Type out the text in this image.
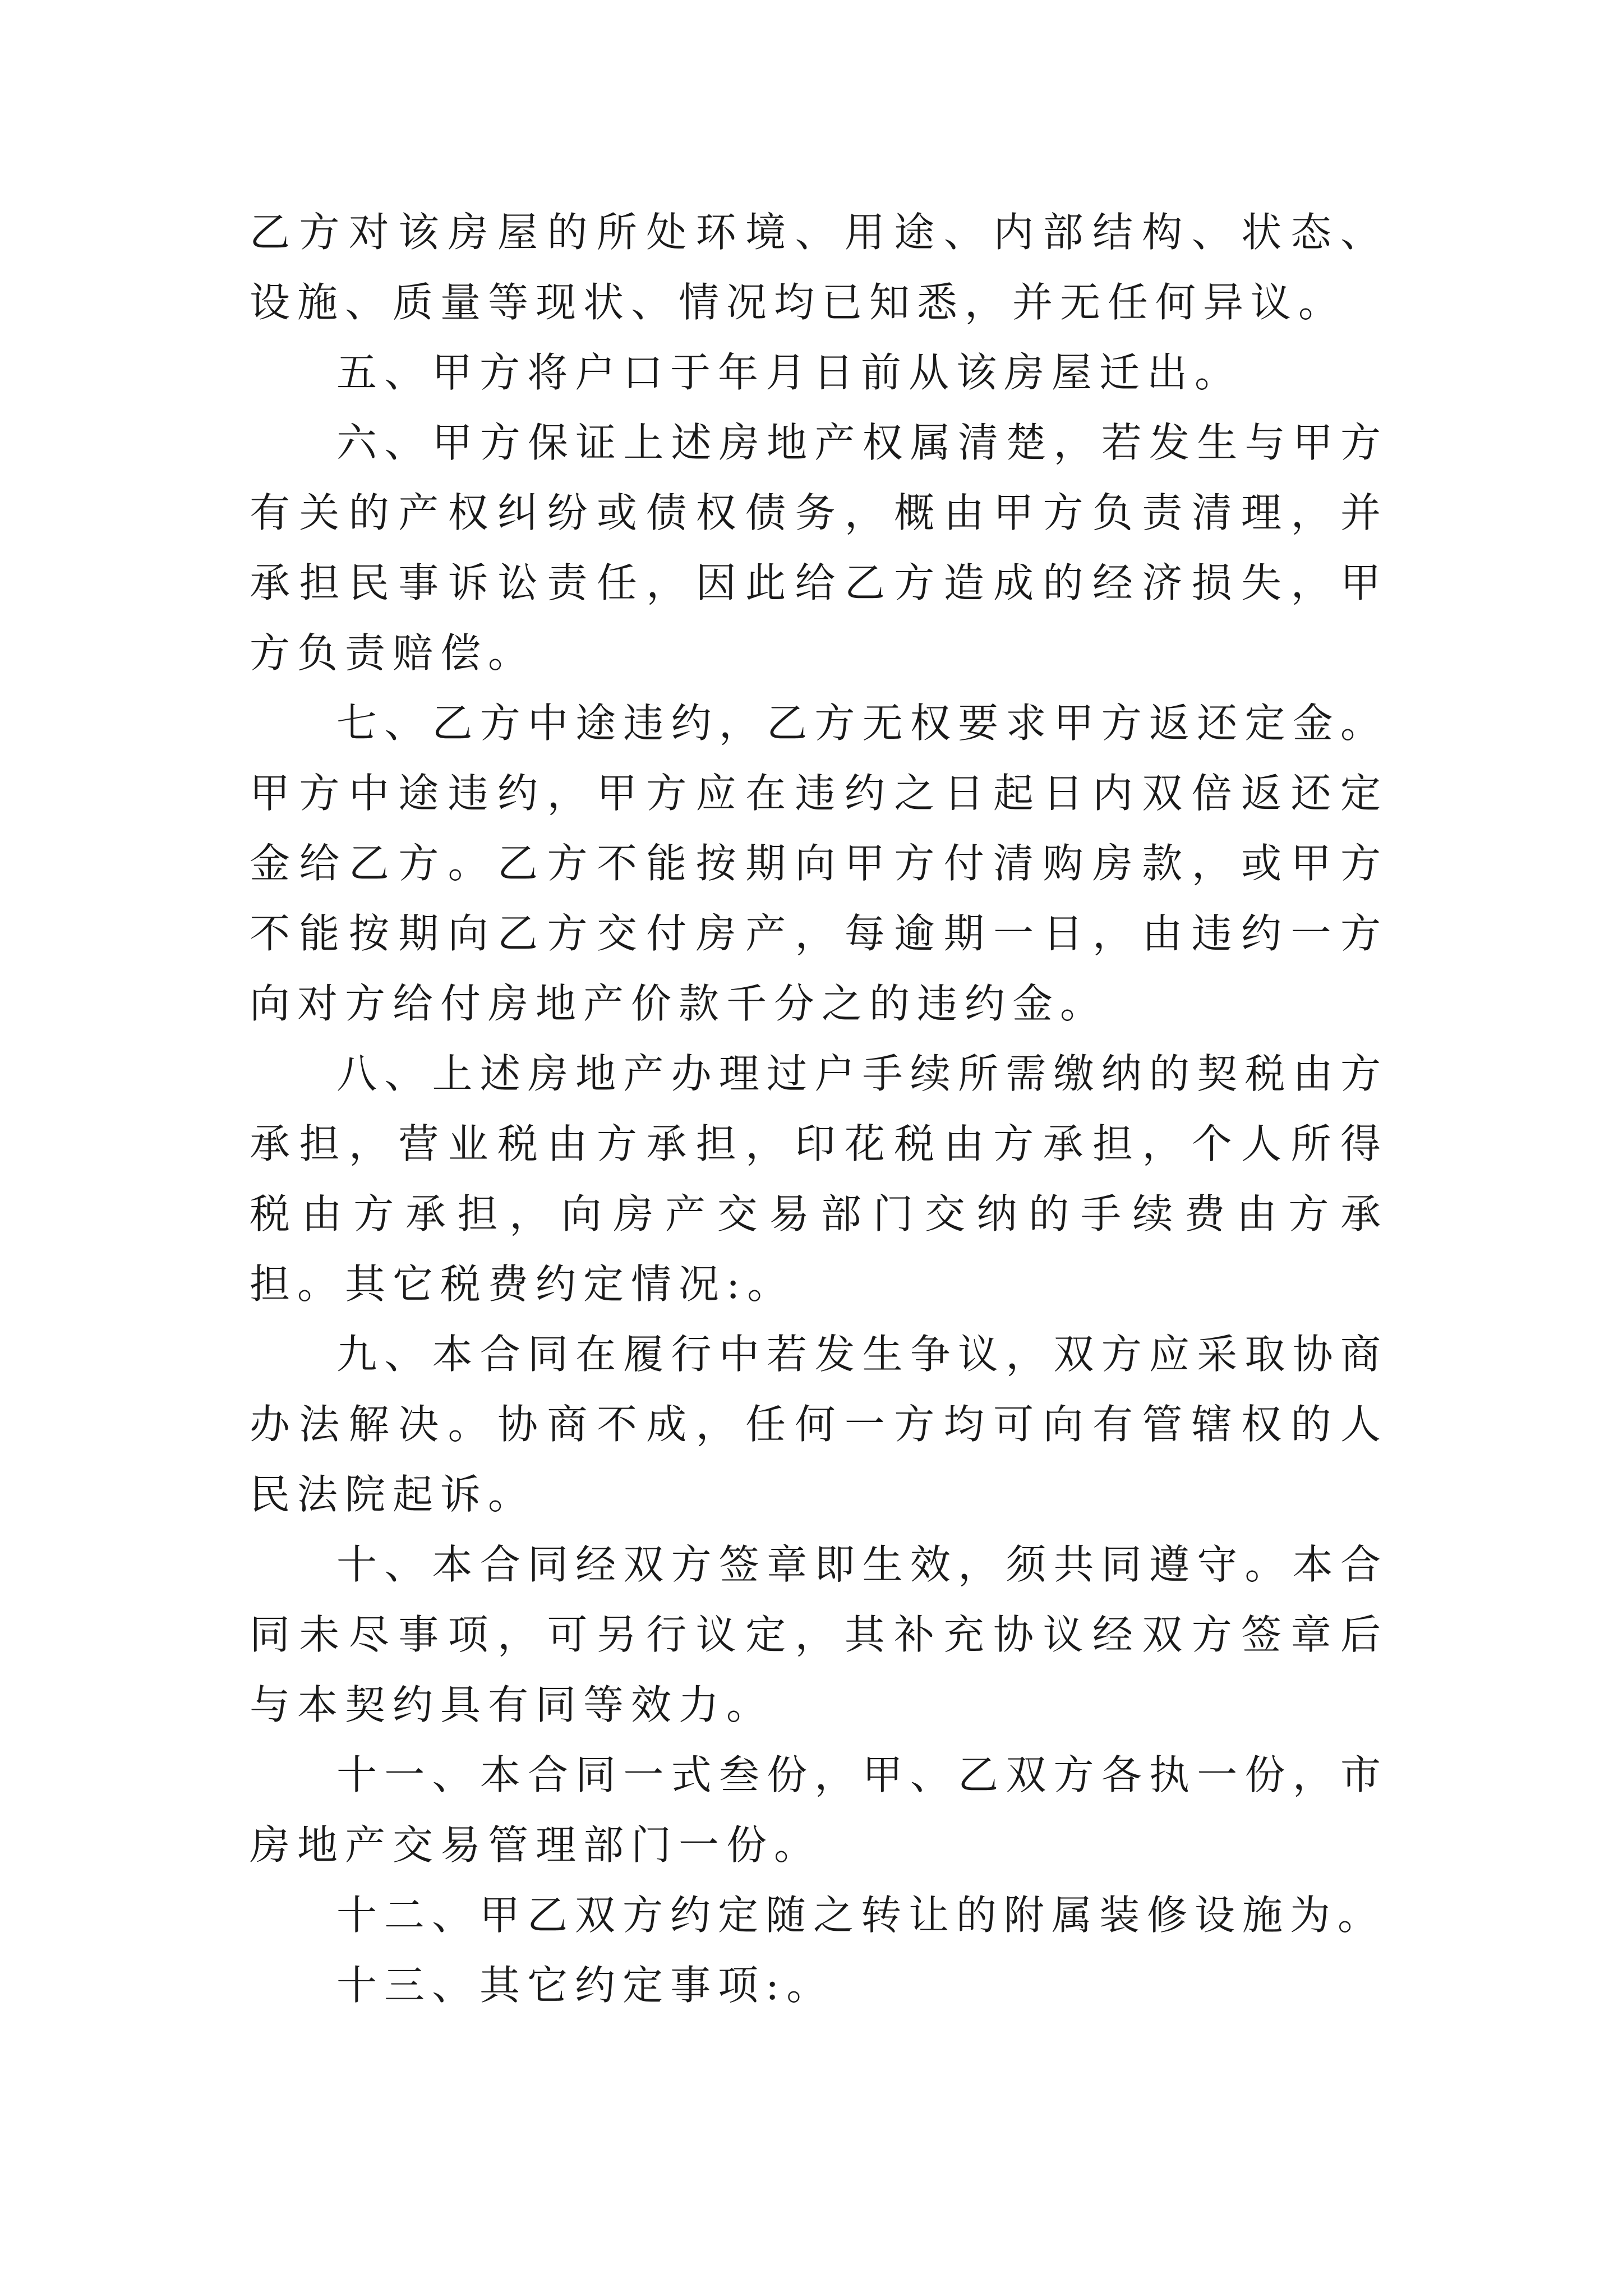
乙方对该房屋的所处环境、用途、内部结构、状态、设施、质量等现状、情况均已知悉，并无任何异议。

五、甲方将户口于年月日前从该房屋迁出。

六、甲方保证上述房地产权属清楚，若发生与甲方有关的产权纠纷或债权债务，概由甲方负责清理，并承担民事诉讼责任，因此给乙方造成的经济损失，甲方负责赔偿。

七、乙方中途违约，乙方无权要求甲方返还定金。甲方中途违约，甲方应在违约之日起日内双倍返还定金给乙方。乙方不能按期向甲方付清购房款，或甲方不能按期向乙方交付房产，每逾期一日，由违约一方向对方给付房地产价款千分之的违约金。

八、上述房地产办理过户手续所需缴纳的契税由方承担，营业税由方承担，印花税由方承担，个人所得税由方承担，向房产交易部门交纳的手续费由方承担。其它税费约定情况:。

九、本合同在履行中若发生争议，双方应采取协商办法解决。协商不成，任何一方均可向有管辖权的人民法院起诉。

十、本合同经双方签章即生效，须共同遵守。本合同未尽事项，可另行议定，其补充协议经双方签章后与本契约具有同等效力。

十一、本合同一式叁份，甲、乙双方各执一份，市房地产交易管理部门一份。

十二、甲乙双方约定随之转让的附属装修设施为。

十三、其它约定事项:。
